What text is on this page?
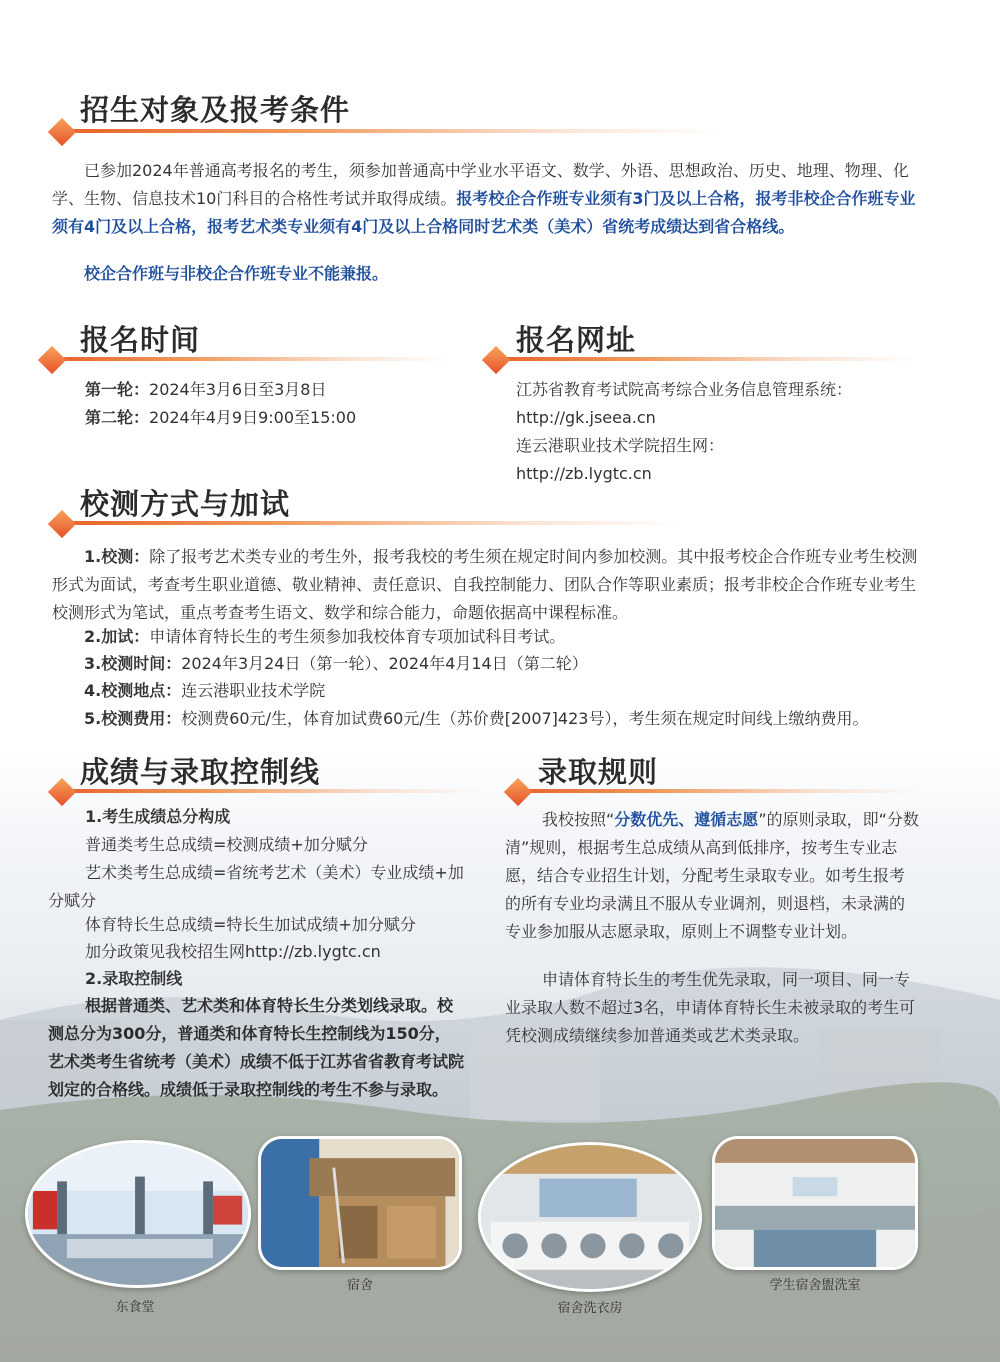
招生对象及报考条件
已参加2024年普通高考报名的考生，须参加普通高中学业水平语文、数学、外语、思想政治、历史、地理、物理、化学、生物、信息技术10门科目的合格性考试并取得成绩。报考校企合作班专业须有3门及以上合格，报考非校企合作班专业须有4门及以上合格，报考艺术类专业须有4门及以上合格同时艺术类（美术）省统考成绩达到省合格线。
校企合作班与非校企合作班专业不能兼报。
报名时间
第一轮：2024年3月6日至3月8日
第二轮：2024年4月9日9:00至15:00
报名网址
江苏省教育考试院高考综合业务信息管理系统：
http://gk.jseea.cn
连云港职业技术学院招生网：
http://zb.lygtc.cn
校测方式与加试
1.校测：除了报考艺术类专业的考生外，报考我校的考生须在规定时间内参加校测。其中报考校企合作班专业考生校测形式为面试，考查考生职业道德、敬业精神、责任意识、自我控制能力、团队合作等职业素质；报考非校企合作班专业考生校测形式为笔试，重点考查考生语文、数学和综合能力，命题依据高中课程标准。
2.加试：申请体育特长生的考生须参加我校体育专项加试科目考试。
3.校测时间：2024年3月24日（第一轮）、2024年4月14日（第二轮）
4.校测地点：连云港职业技术学院
5.校测费用：校测费60元/生，体育加试费60元/生（苏价费[2007]423号），考生须在规定时间线上缴纳费用。
成绩与录取控制线
1.考生成绩总分构成
普通类考生总成绩=校测成绩+加分赋分
艺术类考生总成绩=省统考艺术（美术）专业成绩+加分赋分
体育特长生总成绩=特长生加试成绩+加分赋分
加分政策见我校招生网http://zb.lygtc.cn
2.录取控制线
根据普通类、艺术类和体育特长生分类划线录取。校测总分为300分，普通类和体育特长生控制线为150分，艺术类考生省统考（美术）成绩不低于江苏省省教育考试院划定的合格线。成绩低于录取控制线的考生不参与录取。
录取规则
我校按照“分数优先、遵循志愿”的原则录取，即“分数清”规则，根据考生总成绩从高到低排序，按考生专业志愿，结合专业招生计划，分配考生录取专业。如考生报考的所有专业均录满且不服从专业调剂，则退档，未录满的专业参加服从志愿录取，原则上不调整专业计划。
申请体育特长生的考生优先录取，同一项目、同一专业录取人数不超过3名，申请体育特长生未被录取的考生可凭校测成绩继续参加普通类或艺术类录取。
东食堂
宿舍
宿舍洗衣房
学生宿舍盥洗室
